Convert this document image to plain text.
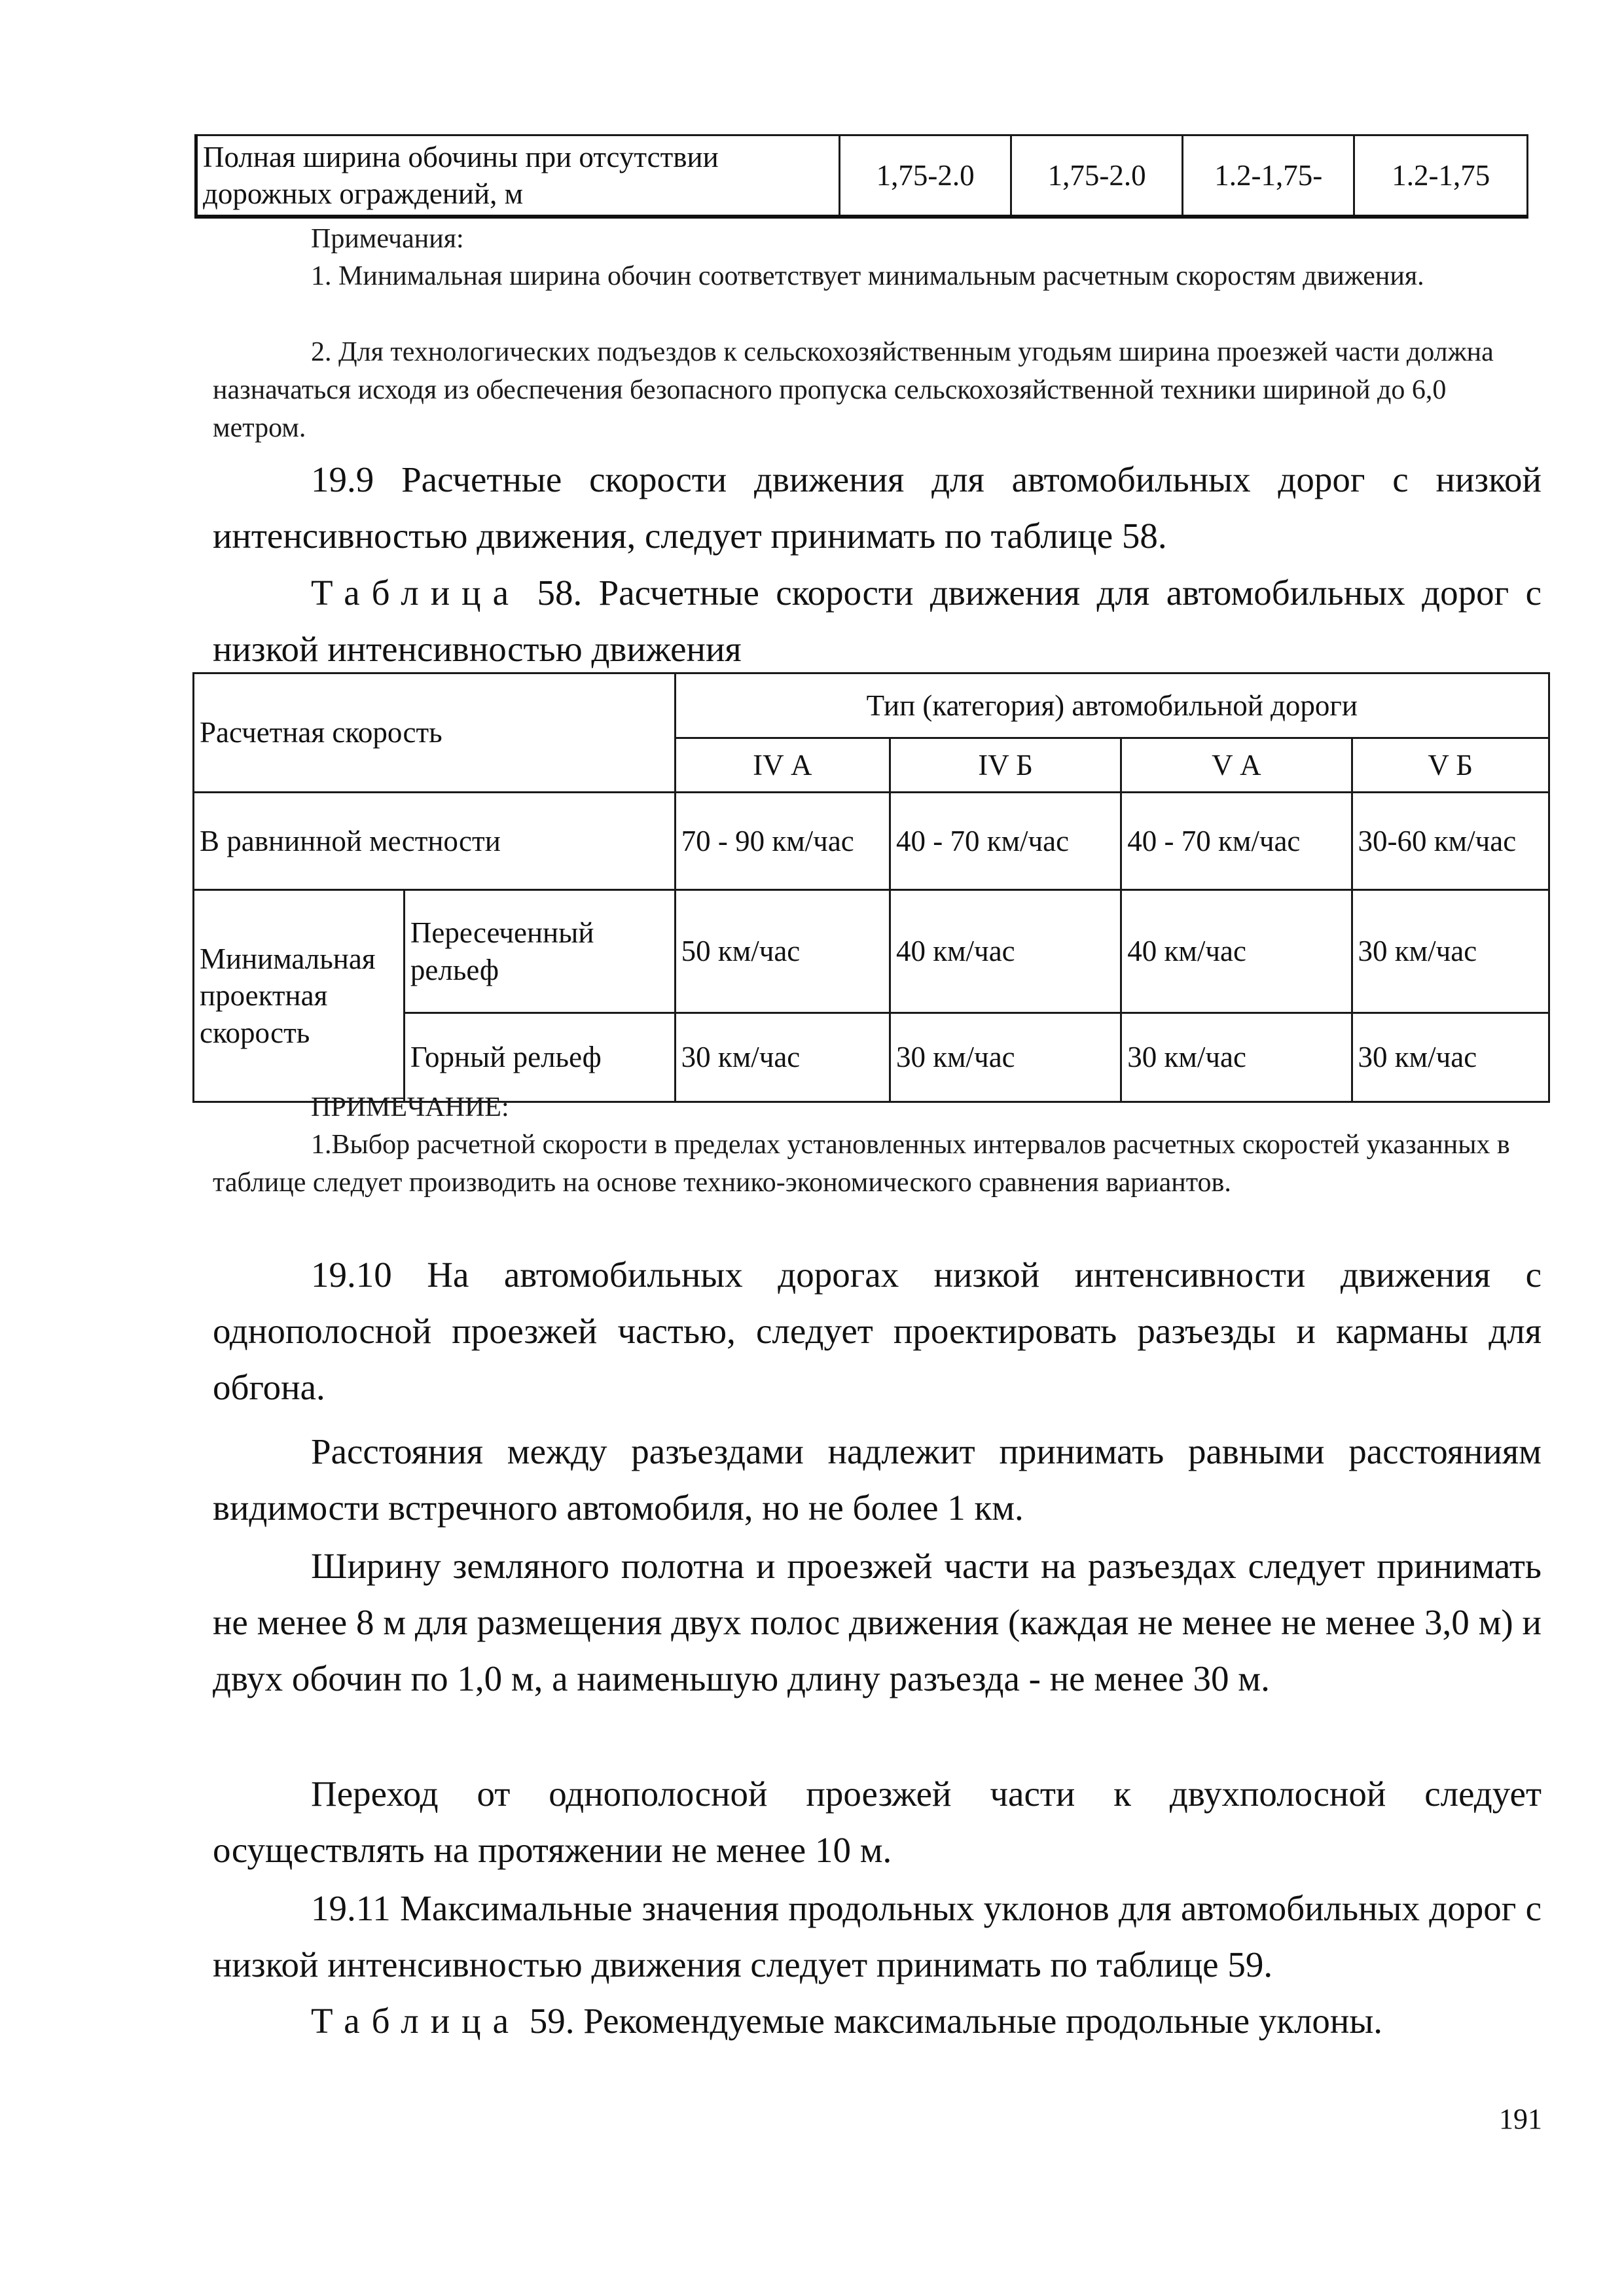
Полная ширина обочины при отсутствии дорожных ограждений, м	1,75-2.0	1,75-2.0	1.2-1,75-	1.2-1,75
Примечания:
1. Минимальная ширина обочин соответствует минимальным расчетным скоростям движения.
2. Для технологических подъездов к сельскохозяйственным угодьям ширина проезжей части должна назначаться исходя из обеспечения безопасного пропуска сельскохозяйственной техники шириной до 6,0 метром.
19.9 Расчетные скорости движения для автомобильных дорог с низкой интенсивностью движения, следует принимать по таблице 58.
Таблица 58. Расчетные скорости движения для автомобильных дорог с низкой интенсивностью движения
Расчетная скорость		Тип (категория) автомобильной дороги			
		IV А	IV Б	V А	V Б
В равнинной местности		70 - 90 км/час	40 - 70 км/час	40 - 70 км/час	30-60 км/час
Минимальная проектная скорость	Пересеченный рельеф	50 км/час	40 км/час	40 км/час	30 км/час
	Горный рельеф	30 км/час	30 км/час	30 км/час	30 км/час
ПРИМЕЧАНИЕ:
1.Выбор расчетной скорости в пределах установленных интервалов расчетных скоростей указанных в таблице следует производить на основе технико-экономического сравнения вариантов.
19.10 На автомобильных дорогах низкой интенсивности движения с однополосной проезжей частью, следует проектировать разъезды и карманы для обгона.
Расстояния между разъездами надлежит принимать равными расстояниям видимости встречного автомобиля, но не более 1 км.
Ширину земляного полотна и проезжей части на разъездах следует принимать не менее 8 м для размещения двух полос движения (каждая не менее не менее 3,0 м) и двух обочин по 1,0 м, а наименьшую длину разъезда - не менее 30 м.
Переход от однополосной проезжей части к двухполосной следует осуществлять на протяжении не менее 10 м.
19.11 Максимальные значения продольных уклонов для автомобильных дорог с низкой интенсивностью движения следует принимать по таблице 59.
Таблица 59. Рекомендуемые максимальные продольные уклоны.
191
